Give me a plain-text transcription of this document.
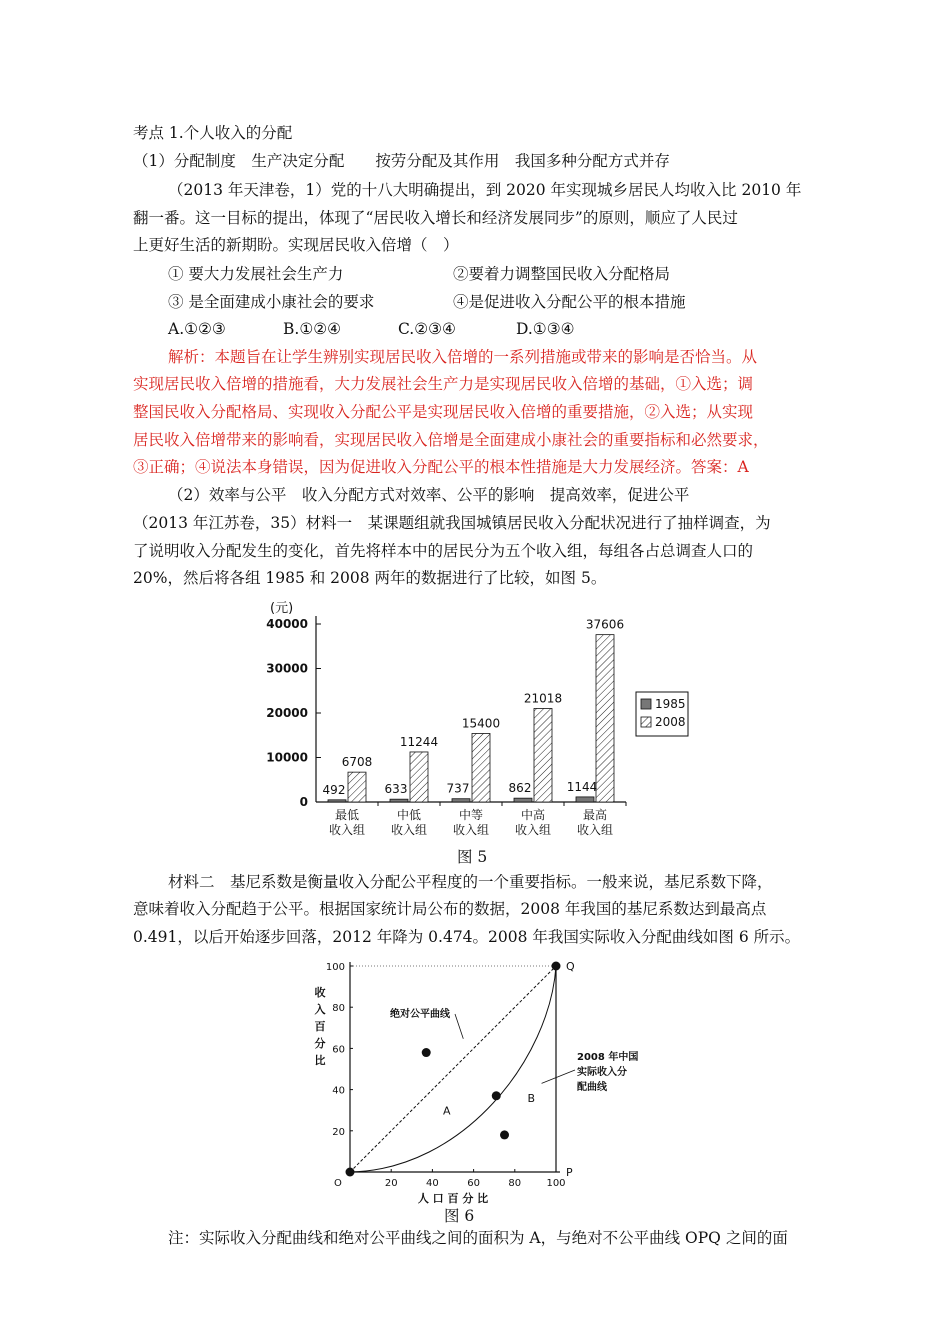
考点 1.个人收入的分配
（1）分配制度　生产决定分配　　按劳分配及其作用　我国多种分配方式并存
（2013 年天津卷，1）党的十八大明确提出，到 2020 年实现城乡居民人均收入比 2010 年
翻一番。这一目标的提出，体现了“居民收入增长和经济发展同步”的原则，顺应了人民过
上更好生活的新期盼。实现居民收入倍增（　）
① 要大力发展社会生产力	②要着力调整国民收入分配格局
③ 是全面建成小康社会的要求	④是促进收入分配公平的根本措施
A.①②③	B.①②④	C.②③④	D.①③④
解析：本题旨在让学生辨别实现居民收入倍增的一系列措施或带来的影响是否恰当。从
实现居民收入倍增的措施看，大力发展社会生产力是实现居民收入倍增的基础，①入选；调
整国民收入分配格局、实现收入分配公平是实现居民收入倍增的重要措施，②入选；从实现
居民收入倍增带来的影响看，实现居民收入倍增是全面建成小康社会的重要指标和必然要求，
③正确；④说法本身错误，因为促进收入分配公平的根本性措施是大力发展经济。答案：A
（2）效率与公平　收入分配方式对效率、公平的影响　提高效率，促进公平
（2013 年江苏卷，35）材料一　某课题组就我国城镇居民收入分配状况进行了抽样调查，为
了说明收入分配发生的变化，首先将样本中的居民分为五个收入组，每组各占总调查人口的
20%，然后将各组 1985 和 2008 两年的数据进行了比较，如图 5。
(元)
0
10000
20000
30000
40000
492
6708
最低
收入组
633
11244
中低
收入组
737
15400
中等
收入组
862
21018
中高
收入组
1144
37606
最高
收入组
1985
2008
图 5
材料二　基尼系数是衡量收入分配公平程度的一个重要指标。一般来说，基尼系数下降，
意味着收入分配趋于公平。根据国家统计局公布的数据，2008 年我国的基尼系数达到最高点
0.491，以后开始逐步回落，2012 年降为 0.474。2008 年我国实际收入分配曲线如图 6 所示。
20	40	60	80	100
20
40
60
80
100
收
入
百
分
比
人 口 百 分 比
O
P
Q
绝对公平曲线
2008 年中国
实际收入分
配曲线
A
B
图 6
注：实际收入分配曲线和绝对公平曲线之间的面积为 A，与绝对不公平曲线 OPQ 之间的面
